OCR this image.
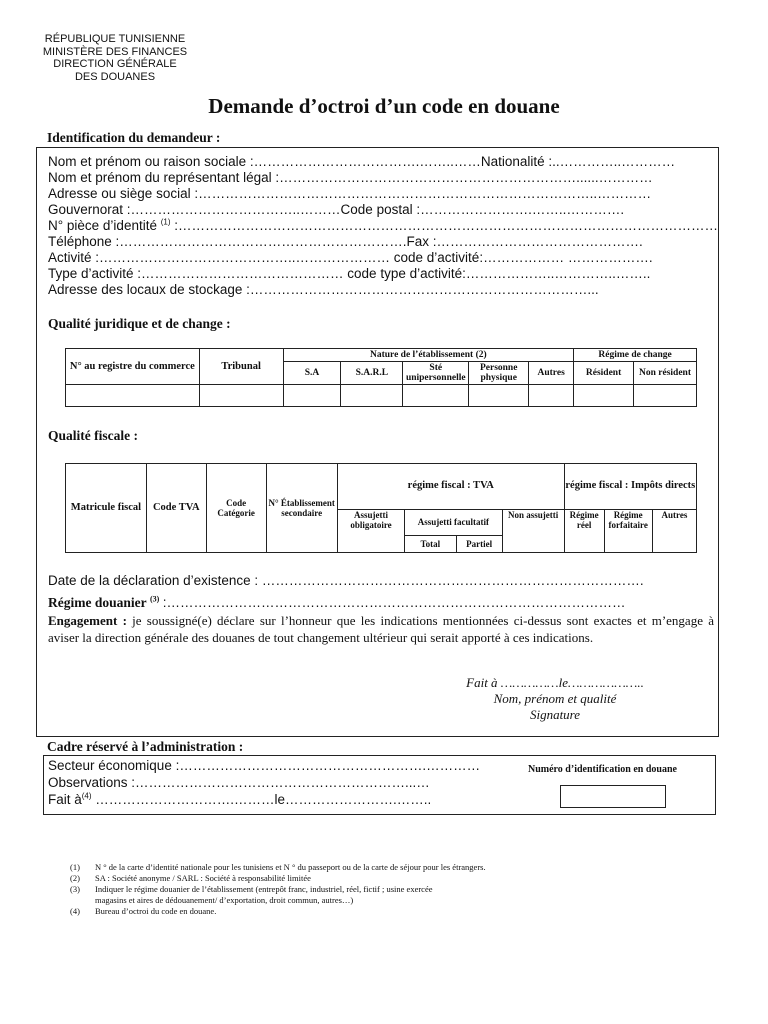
RÉPUBLIQUE TUNISIENNE
MINISTÈRE DES FINANCES
DIRECTION GÉNÉRALE
DES DOUANES
Demande d’octroi d’un code en douane
Identification du demandeur :
Nom et prénom ou raison sociale :……………………………….……..……Nationalité :..…………..…………
Nom et prénom du représentant légal :…………………………………………………………......…………
Adresse ou siège social :……………………………………………………………………………..…………
Gouvernorat :………………………………..………Code postal :…………………….……..………….
N° pièce d’identité $^{(1)}$ :…………………………………………………………………………………………………………
Téléphone :……………………………………………………….Fax :……………………………………….
Activité :……………………………………..………………… code d’activité:……………… ……………….
Type d’activité :……………………………………… code type d’activité:………………..…………..……..
Adresse des locaux de stockage :…………………………………………………………………...
Qualité juridique et de change :
N° au registre du commerce	Tribunal	Nature de l’établissement (2)					Régime de change	
		S.A	S.A.R.L	Sté unipersonnelle	Personne physique	Autres	Résident	Non résident

Qualité fiscale :
Matricule fiscal	Code TVA	Code Catégorie	N° Établissement secondaire	régime fiscal : TVA				régime fiscal : Impôts directs		
				Assujetti obligatoire	Assujetti facultatif		Non assujetti	Régime réel	Régime forfaitaire	Autres
					Total	Partiel				
Date de la déclaration d’existence : ………………………………………………………………………….
Régime douanier $^{(3)}$ :…………………………………………………………………………………………
Engagement : je soussigné(e) déclare sur l’honneur que les indications mentionnées ci-dessus sont exactes et m’engage à aviser la direction générale des douanes de tout changement ultérieur qui serait apporté à ces indications.
Fait à ……………le………………..
Nom, prénom et qualité
Signature
Cadre réservé à l’administration :
Secteur économique :……………………………………………….…………
Observations :……………………………………………………...…
Fait $à^{(4)}$ ………………………….………le…………………….……..
Numéro d’identification en douane
(1) N ° de la carte d’identité nationale pour les tunisiens et N ° du passeport ou de la carte de séjour pour les étrangers.
(2) SA : Société anonyme / SARL : Société à responsabilité limitée
(3) Indiquer le régime douanier de l’établissement (entrepôt franc, industriel, réel, fictif ; usine exercée
magasins et aires de dédouanement/ d’exportation, droit commun, autres…)
(4) Bureau d’octroi du code en douane.
